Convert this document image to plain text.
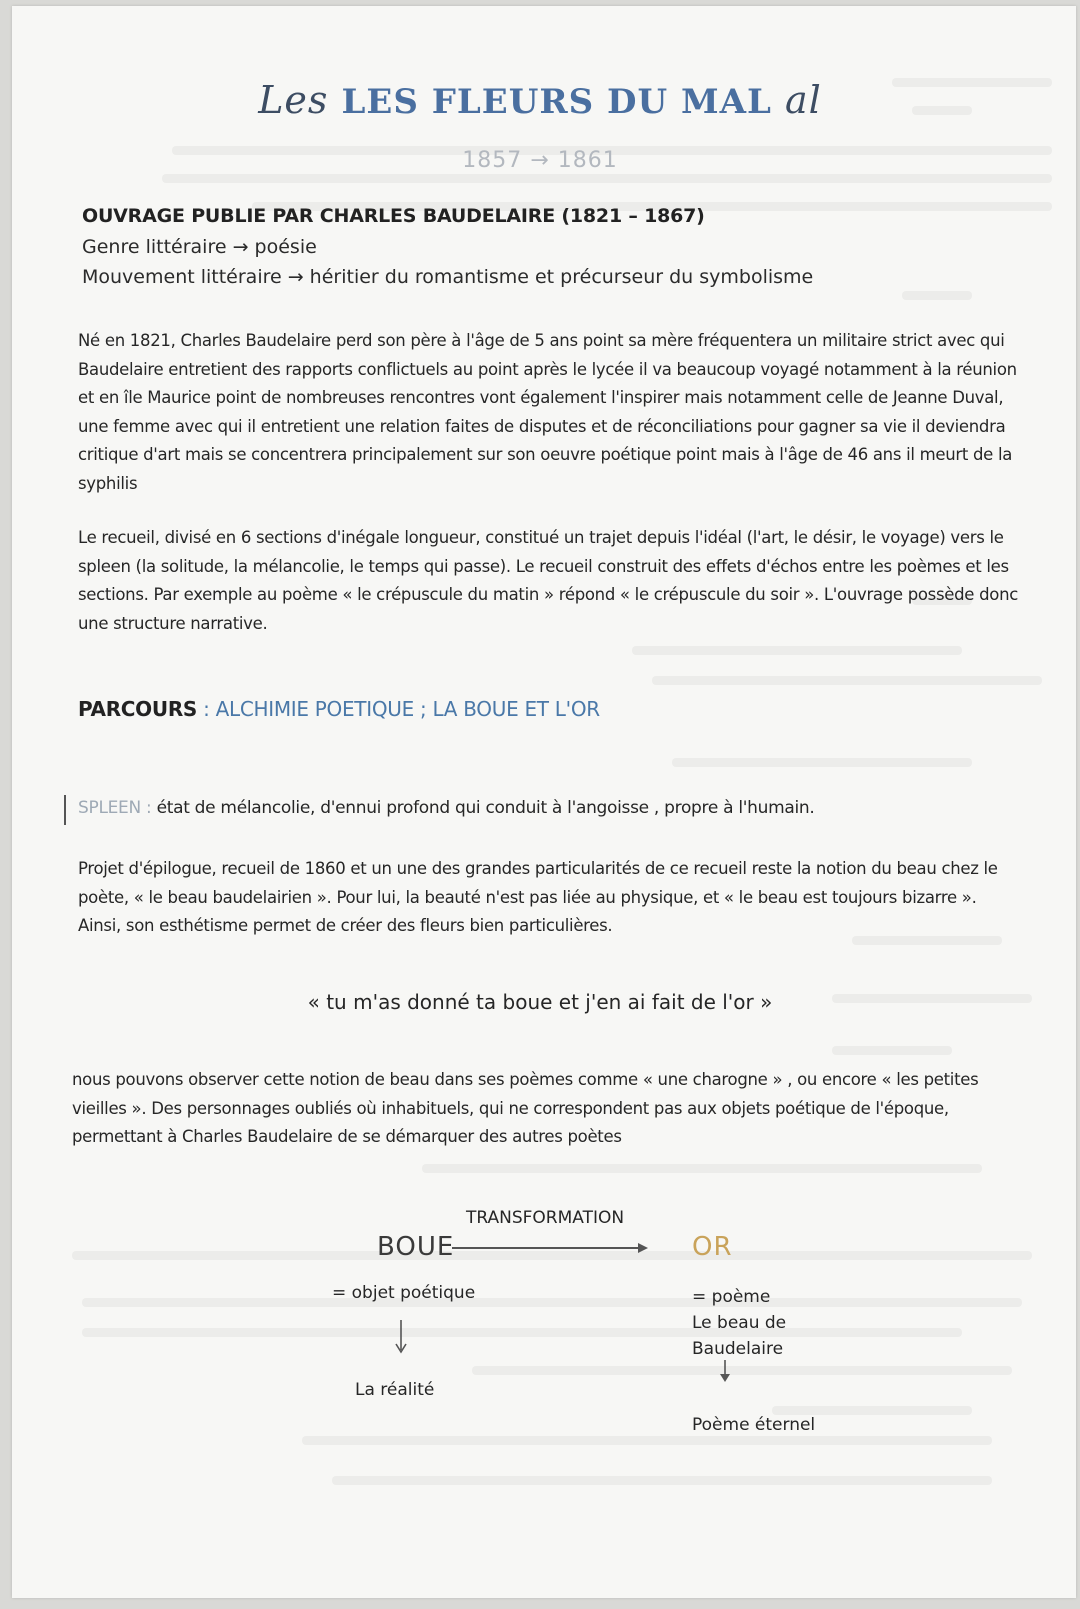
Les LES FLEURS DU MAL al
1857 → 1861
OUVRAGE PUBLIE PAR CHARLES BAUDELAIRE (1821 – 1867)
Genre littéraire → poésie
Mouvement littéraire → héritier du romantisme et précurseur du symbolisme

Né en 1821, Charles Baudelaire perd son père à l'âge de 5 ans point sa mère fréquentera un militaire strict avec qui Baudelaire entretient des rapports conflictuels au point après le lycée il va beaucoup voyagé notamment à la réunion et en île Maurice point de nombreuses rencontres vont également l'inspirer mais notamment celle de Jeanne Duval, une femme avec qui il entretient une relation faites de disputes et de réconciliations pour gagner sa vie il deviendra critique d'art mais se concentrera principalement sur son oeuvre poétique point mais à l'âge de 46 ans il meurt de la syphilis

Le recueil, divisé en 6 sections d'inégale longueur, constitué un trajet depuis l'idéal (l'art, le désir, le voyage) vers le spleen (la solitude, la mélancolie, le temps qui passe). Le recueil construit des effets d'échos entre les poèmes et les sections. Par exemple au poème « le crépuscule du matin » répond « le crépuscule du soir ». L'ouvrage possède donc une structure narrative.

PARCOURS : ALCHIMIE POETIQUE ; LA BOUE ET L'OR
SPLEEN : état de mélancolie, d'ennui profond qui conduit à l'angoisse , propre à l'humain.

Projet d'épilogue, recueil de 1860 et un une des grandes particularités de ce recueil reste la notion du beau chez le poète, « le beau baudelairien ». Pour lui, la beauté n'est pas liée au physique, et « le beau est toujours bizarre ». Ainsi, son esthétisme permet de créer des fleurs bien particulières.

« tu m'as donné ta boue et j'en ai fait de l'or »

nous pouvons observer cette notion de beau dans ses poèmes comme « une charogne » , ou encore « les petites vieilles ». Des personnages oubliés où inhabituels, qui ne correspondent pas aux objets poétique de l'époque, permettant à Charles Baudelaire de se démarquer des autres poètes

TRANSFORMATION
BOUE	OR
= objet poétique
La réalité
= poème
Le beau de
Baudelaire
Poème éternel
